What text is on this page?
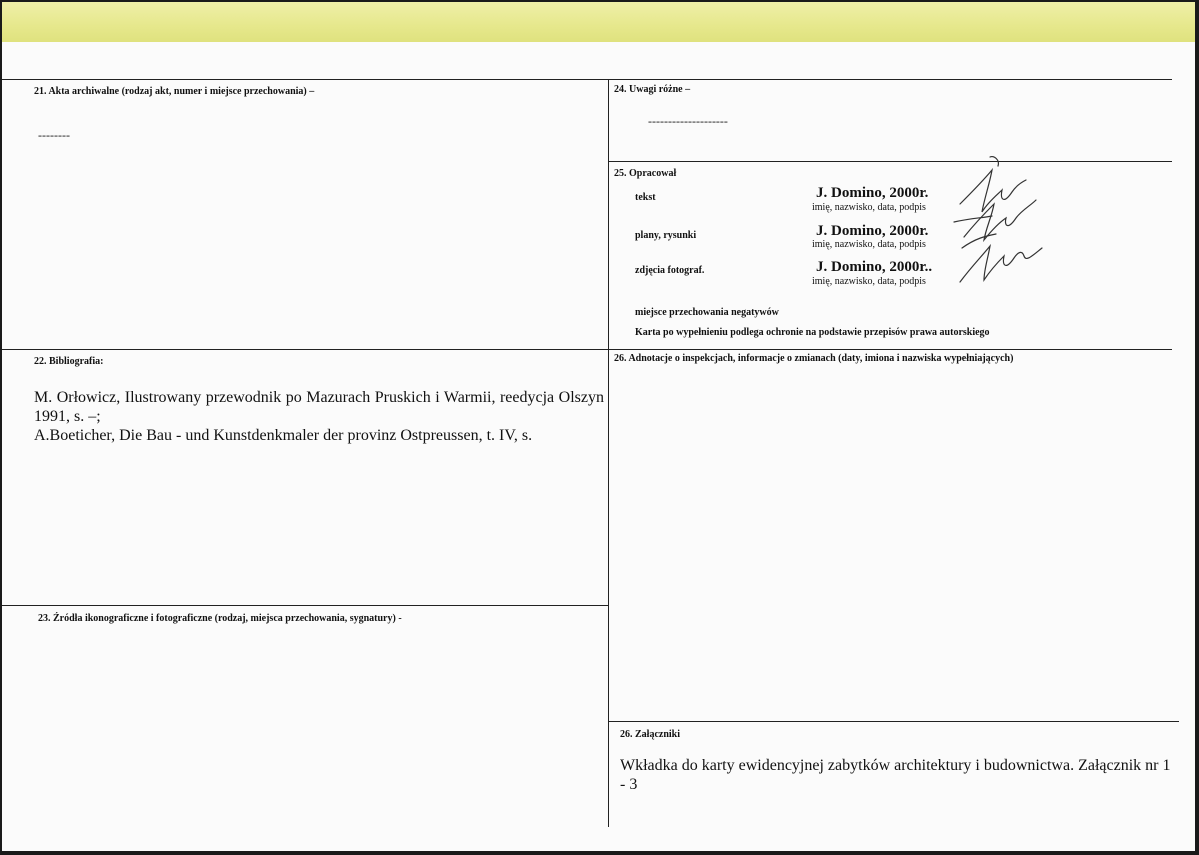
21. Akta archiwalne (rodzaj akt, numer i miejsce przechowania) –
--------
24. Uwagi różne –
--------------------
25. Opracował
tekst	J. Domino, 2000r.
imię, nazwisko, data, podpis
plany, rysunki	J. Domino, 2000r.
imię, nazwisko, data, podpis
zdjęcia fotograf.	J. Domino, 2000r..
imię, nazwisko, data, podpis
miejsce przechowania negatywów
Karta po wypełnieniu podlega ochronie na podstawie przepisów prawa autorskiego
22. Bibliografia:
M. Orłowicz, Ilustrowany przewodnik po Mazurach Pruskich i Warmii, reedycja Olszyn 1991, s. –;
A.Boeticher, Die Bau - und Kunstdenkmaler der provinz Ostpreussen, t. IV, s.
26. Adnotacje o inspekcjach, informacje o zmianach (daty, imiona i nazwiska wypełniających)
23. Źródła ikonograficzne i fotograficzne (rodzaj, miejsca przechowania, sygnatury) -
26. Załączniki
Wkładka do karty ewidencyjnej zabytków architektury i budownictwa. Załącznik nr 1 - 3
